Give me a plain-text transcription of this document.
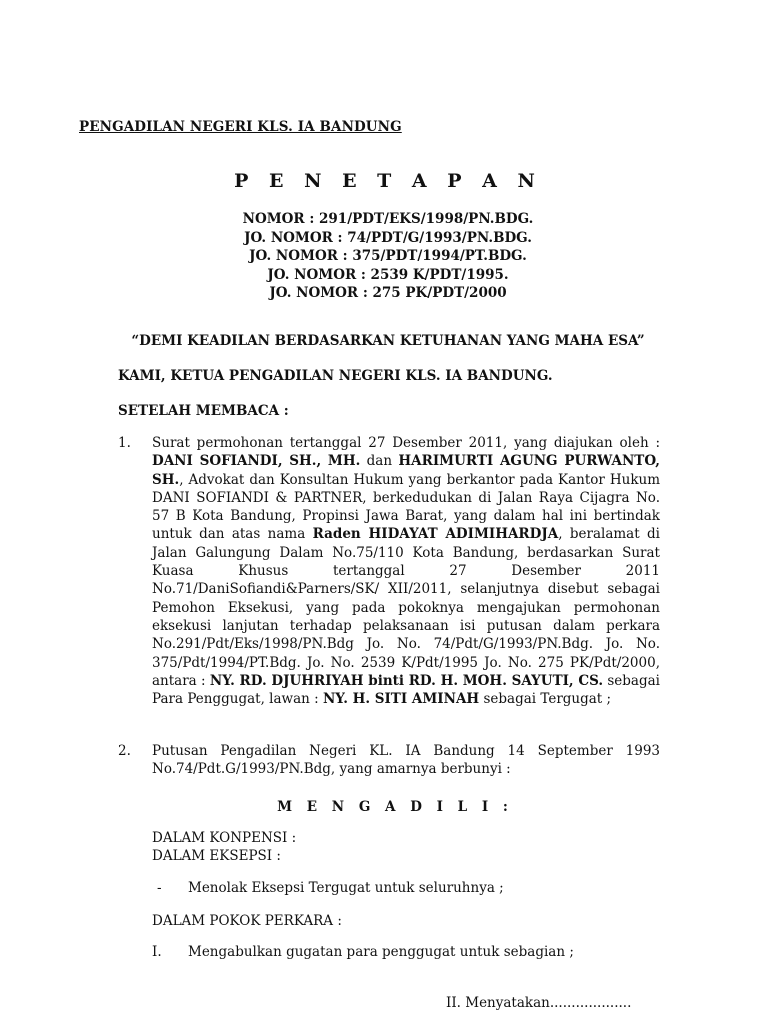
PENGADILAN NEGERI KLS. IA BANDUNG
P E N E T A P A N
NOMOR : 291/PDT/EKS/1998/PN.BDG.
JO. NOMOR : 74/PDT/G/1993/PN.BDG.
JO. NOMOR : 375/PDT/1994/PT.BDG.
JO. NOMOR : 2539 K/PDT/1995.
JO. NOMOR : 275 PK/PDT/2000
“DEMI KEADILAN BERDASARKAN KETUHANAN YANG MAHA ESA”
KAMI, KETUA PENGADILAN NEGERI KLS. IA BANDUNG.
SETELAH MEMBACA :
1.	Surat permohonan tertanggal 27 Desember 2011, yang diajukan oleh : DANI SOFIANDI, SH., MH. dan HARIMURTI AGUNG PURWANTO, SH., Advokat dan Konsultan Hukum yang berkantor pada Kantor Hukum DANI SOFIANDI & PARTNER, berkedudukan di Jalan Raya Cijagra No. 57 B Kota Bandung, Propinsi Jawa Barat, yang dalam hal ini bertindak untuk dan atas nama Raden HIDAYAT ADIMIHARDJA, beralamat di Jalan Galungung Dalam No.75/110 Kota Bandung, berdasarkan Surat Kuasa Khusus tertanggal 27 Desember 2011 No.71/DaniSofiandi&Parners/SK/ XII/2011, selanjutnya disebut sebagai Pemohon Eksekusi, yang pada pokoknya mengajukan permohonan eksekusi lanjutan terhadap pelaksanaan isi putusan dalam perkara No.291/Pdt/Eks/1998/PN.Bdg Jo. No. 74/Pdt/G/1993/PN.Bdg. Jo. No. 375/Pdt/1994/PT.Bdg. Jo. No. 2539 K/Pdt/1995 Jo. No. 275 PK/Pdt/2000, antara : NY. RD. DJUHRIYAH binti RD. H. MOH. SAYUTI, CS. sebagai Para Penggugat, lawan : NY. H. SITI AMINAH sebagai Tergugat ;
2.	Putusan Pengadilan Negeri KL. IA Bandung 14 September 1993 No.74/Pdt.G/1993/PN.Bdg, yang amarnya berbunyi :
M E N G A D I L I :
DALAM KONPENSI :
DALAM EKSEPSI :
- Menolak Eksepsi Tergugat untuk seluruhnya ;
DALAM POKOK PERKARA :
I. Mengabulkan gugatan para penggugat untuk sebagian ;
II. Menyatakan...................
